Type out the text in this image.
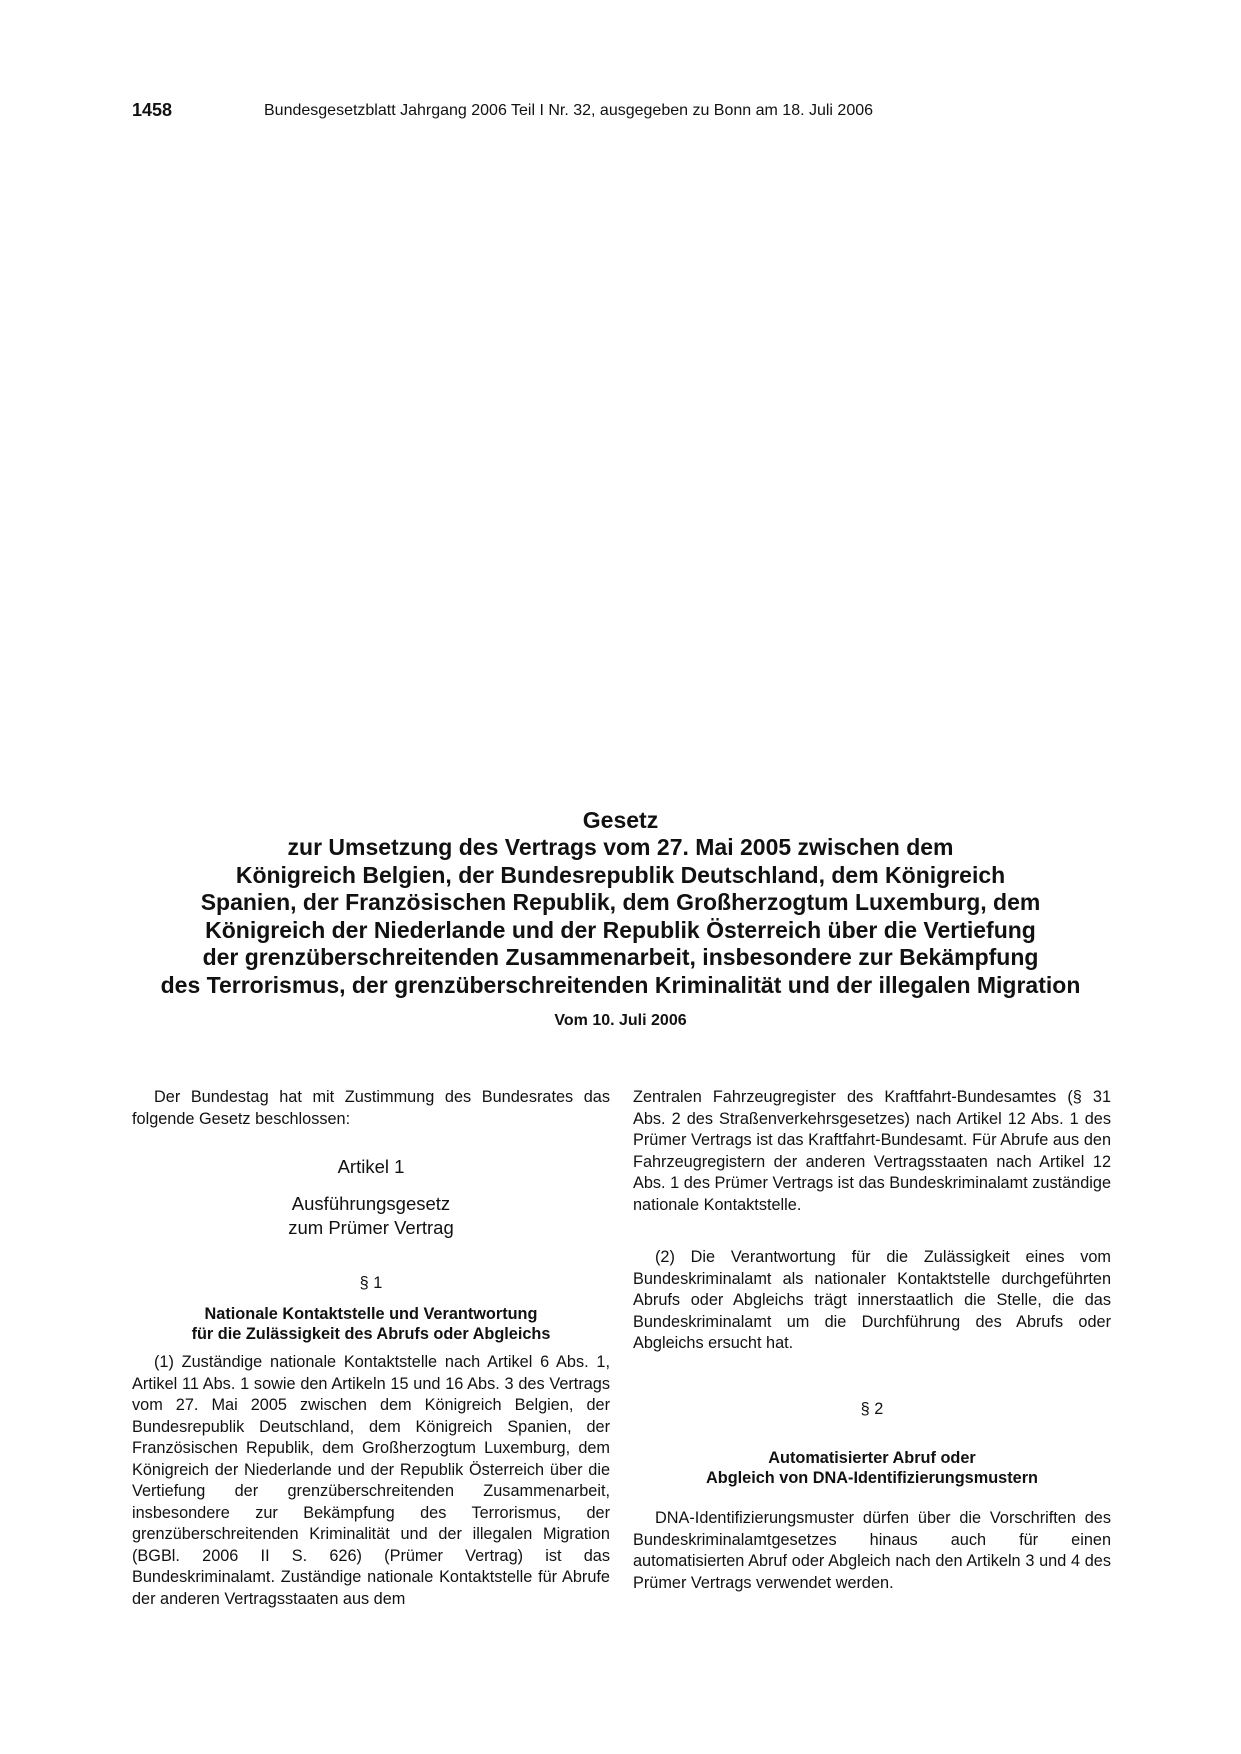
1458	Bundesgesetzblatt Jahrgang 2006 Teil I Nr. 32, ausgegeben zu Bonn am 18. Juli 2006
Gesetz

zur Umsetzung des Vertrags vom 27. Mai 2005 zwischen dem
Königreich Belgien, der Bundesrepublik Deutschland, dem Königreich
Spanien, der Französischen Republik, dem Großherzogtum Luxemburg, dem
Königreich der Niederlande und der Republik Österreich über die Vertiefung
der grenzüberschreitenden Zusammenarbeit, insbesondere zur Bekämpfung
des Terrorismus, der grenzüberschreitenden Kriminalität und der illegalen Migration

Vom 10. Juli 2006

Der Bundestag hat mit Zustimmung des Bundesrates das folgende Gesetz beschlossen:

Artikel 1

Ausführungsgesetz

zum Prümer Vertrag

§ 1

Nationale Kontaktstelle und Verantwortung
für die Zulässigkeit des Abrufs oder Abgleichs

(1) Zuständige nationale Kontaktstelle nach Artikel 6 Abs. 1, Artikel 11 Abs. 1 sowie den Artikeln 15 und 16 Abs. 3 des Vertrags vom 27. Mai 2005 zwischen dem Königreich Belgien, der Bundesrepublik Deutschland, dem Königreich Spanien, der Französischen Republik, dem Großherzogtum Luxemburg, dem Königreich der Niederlande und der Republik Österreich über die Vertiefung der grenzüberschreitenden Zusammenarbeit, insbesondere zur Bekämpfung des Terrorismus, der grenzüberschreitenden Kriminalität und der illegalen Migration (BGBl. 2006 II S. 626) (Prümer Vertrag) ist das Bundeskriminalamt. Zuständige nationale Kontaktstelle für Abrufe der anderen Vertragsstaaten aus dem

Zentralen Fahrzeugregister des Kraftfahrt-Bundesamtes (§ 31 Abs. 2 des Straßenverkehrsgesetzes) nach Artikel 12 Abs. 1 des Prümer Vertrags ist das Kraftfahrt-Bundesamt. Für Abrufe aus den Fahrzeugregistern der anderen Vertragsstaaten nach Artikel 12 Abs. 1 des Prümer Vertrags ist das Bundeskriminalamt zuständige nationale Kontaktstelle.

(2) Die Verantwortung für die Zulässigkeit eines vom Bundeskriminalamt als nationaler Kontaktstelle durchgeführten Abrufs oder Abgleichs trägt innerstaatlich die Stelle, die das Bundeskriminalamt um die Durchführung des Abrufs oder Abgleichs ersucht hat.

§ 2

Automatisierter Abruf oder
Abgleich von DNA-Identifizierungsmustern

DNA-Identifizierungsmuster dürfen über die Vorschriften des Bundeskriminalamtgesetzes hinaus auch für einen automatisierten Abruf oder Abgleich nach den Artikeln 3 und 4 des Prümer Vertrags verwendet werden.
